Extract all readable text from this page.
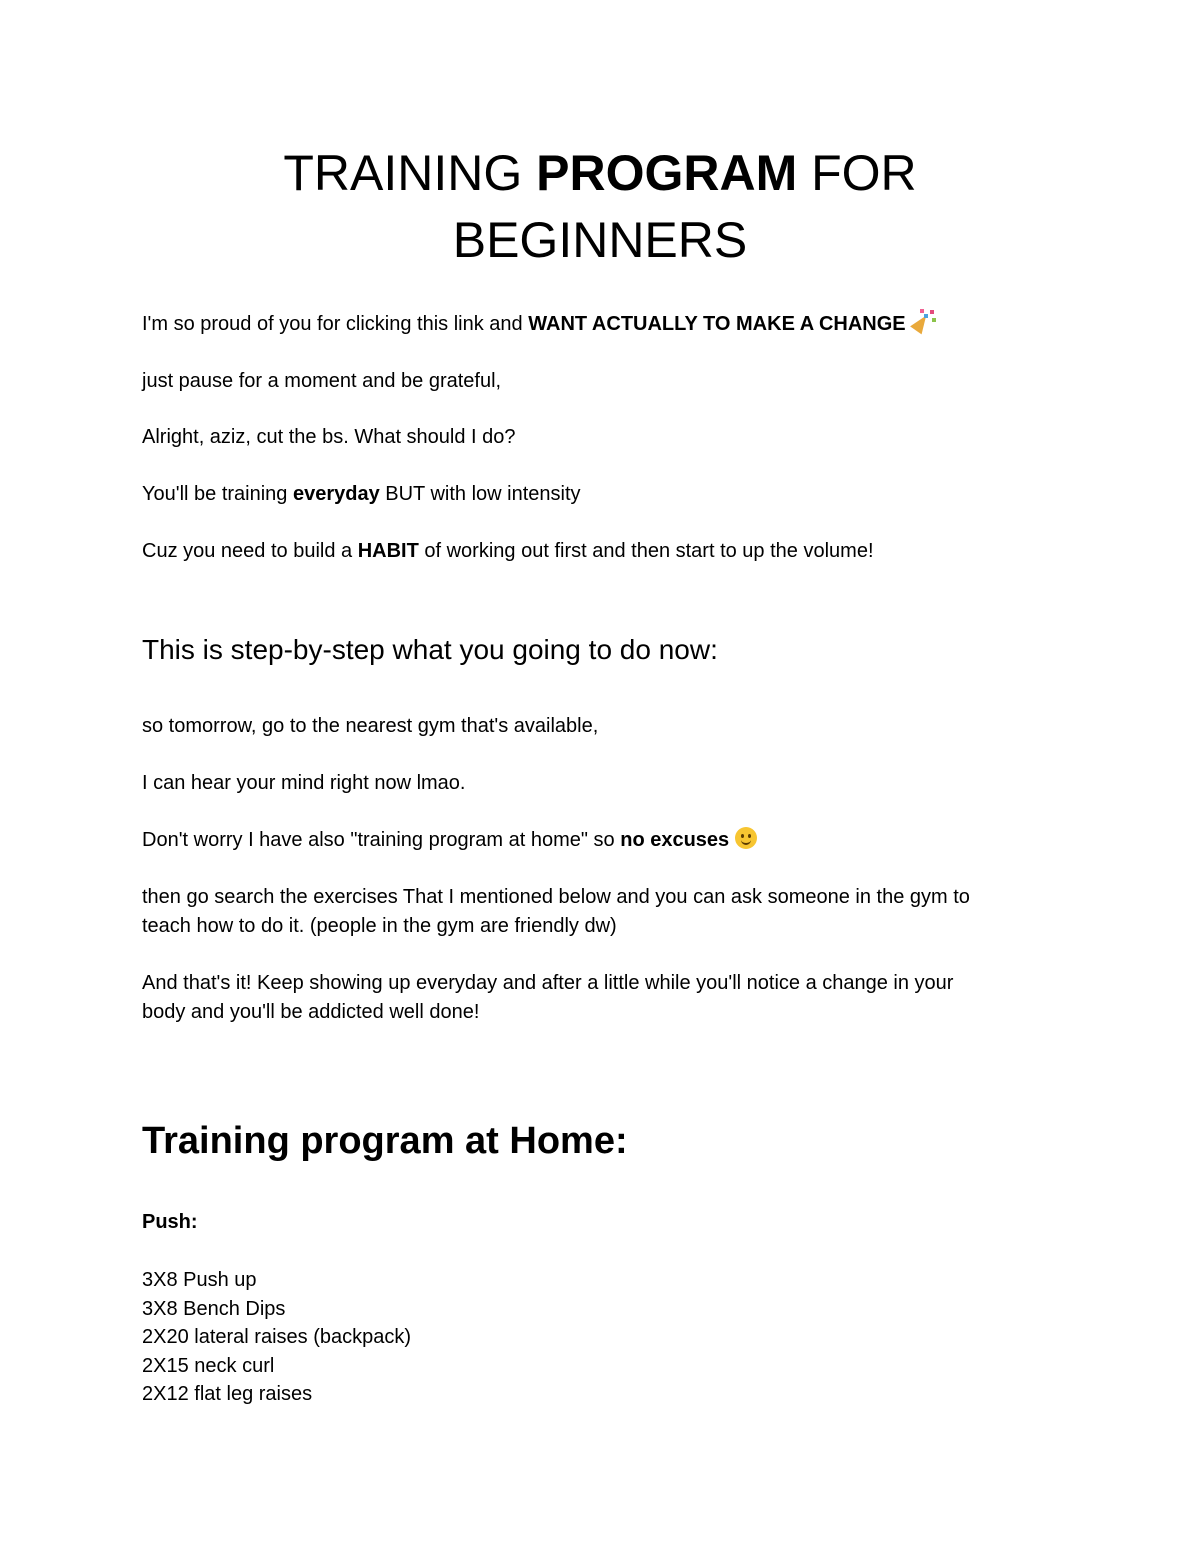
TRAINING PROGRAM FOR
BEGINNERS
I'm so proud of you for clicking this link and WANT ACTUALLY TO MAKE A CHANGE
just pause for a moment and be grateful,
Alright, aziz, cut the bs. What should I do?
You'll be training everyday BUT with low intensity
Cuz you need to build a HABIT of working out first and then start to up the volume!
This is step-by-step what you going to do now:
so tomorrow, go to the nearest gym that's available,
I can hear your mind right now lmao.
Don't worry I have also "training program at home" so no excuses
then go search the exercises That I mentioned below and you can ask someone in the gym to
teach how to do it. (people in the gym are friendly dw)
And that's it! Keep showing up everyday and after a little while you'll notice a change in your
body and you'll be addicted well done!
Training program at Home:
Push:
3X8 Push up
3X8 Bench Dips
2X20 lateral raises (backpack)
2X15 neck curl
2X12 flat leg raises
